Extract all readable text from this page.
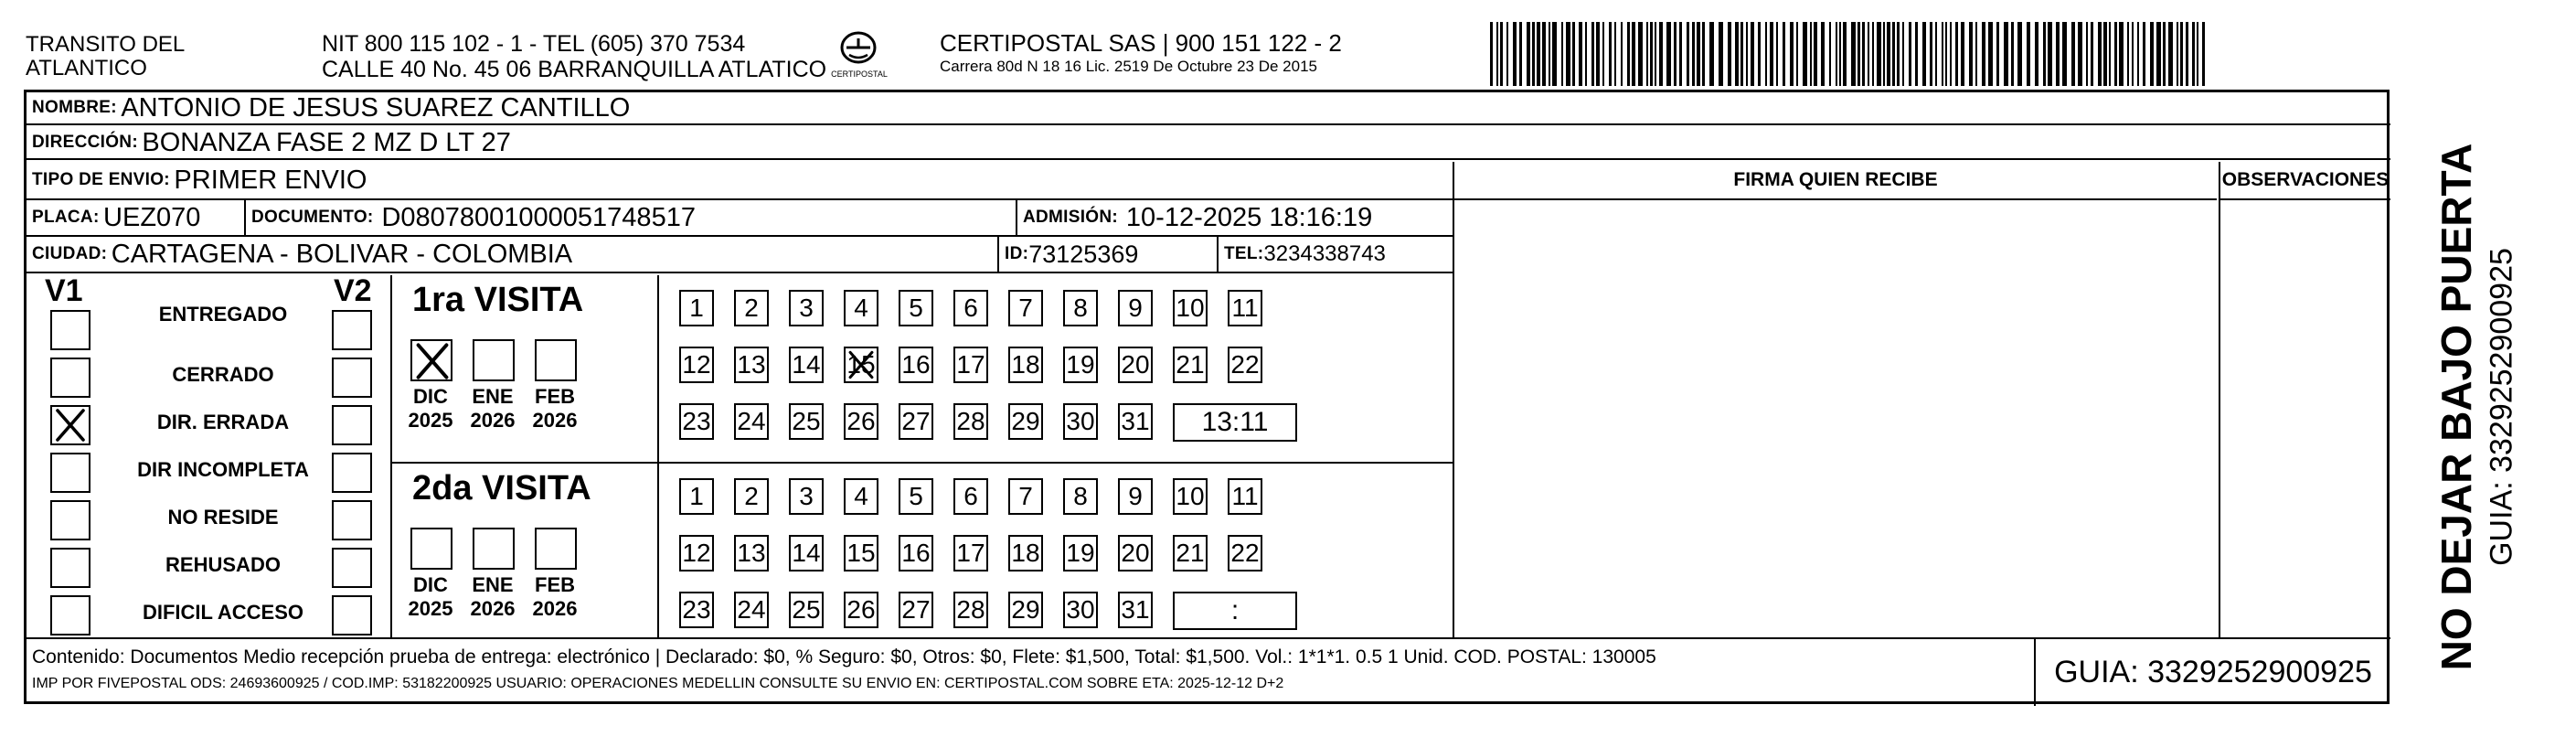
TRANSITO DEL
ATLANTICO
NIT 800 115 102 - 1 - TEL (605) 370 7534
CALLE 40 No. 45 06 BARRANQUILLA ATLATICO CERTIPOSTAL
CERTIPOSTAL SAS | 900 151 122 - 2
Carrera 80d N 18 16 Lic. 2519 De Octubre 23 De 2015
NOMBRE:
ANTONIO DE JESUS SUAREZ CANTILLO
DIRECCIÓN:
BONANZA FASE 2 MZ D LT 27
TIPO DE ENVIO:
PRIMER ENVIO
PLACA:
UEZ070	DOCUMENTO:
D08078001000051748517	ADMISIÓN:
10-12-2025 18:16:19
CIUDAD:
CARTAGENA - BOLIVAR - COLOMBIA	ID: 73125369	TEL: 3234338743
FIRMA QUIEN RECIBE	OBSERVACIONES
V1	V2
ENTREGADO
CERRADO
DIR. ERRADA
DIR INCOMPLETA
NO RESIDE
REHUSADO
DIFICIL ACCESO
1ra VISITA
DIC
2025
ENE
2026
FEB
2026
1	2	3	4	5	6	7	8	9	10 11
12 13 14 15 16 17 18 19 20 21 22
23 24 25 26 27 28 29 30 31	13:11
2da VISITA
DIC
2025
ENE
2026
FEB
2026
1	2	3	4	5	6	7	8	9	10 11
12 13 14 15 16 17 18 19 20 21 22
23 24 25 26 27 28 29 30 31	:
Contenido: Documentos Medio recepción prueba de entrega: electrónico | Declarado: $0, % Seguro: $0, Otros: $0, Flete: $1,500, Total: $1,500. Vol.: 1*1*1. 0.5 1 Unid. COD. POSTAL: 130005
IMP POR FIVEPOSTAL ODS: 24693600925 / COD.IMP: 53182200925 USUARIO: OPERACIONES MEDELLIN CONSULTE SU ENVIO EN: CERTIPOSTAL.COM SOBRE ETA: 2025-12-12 D+2	GUIA: 3329252900925
NO DEJAR BAJO PUERTA GUIA: 3329252900925
